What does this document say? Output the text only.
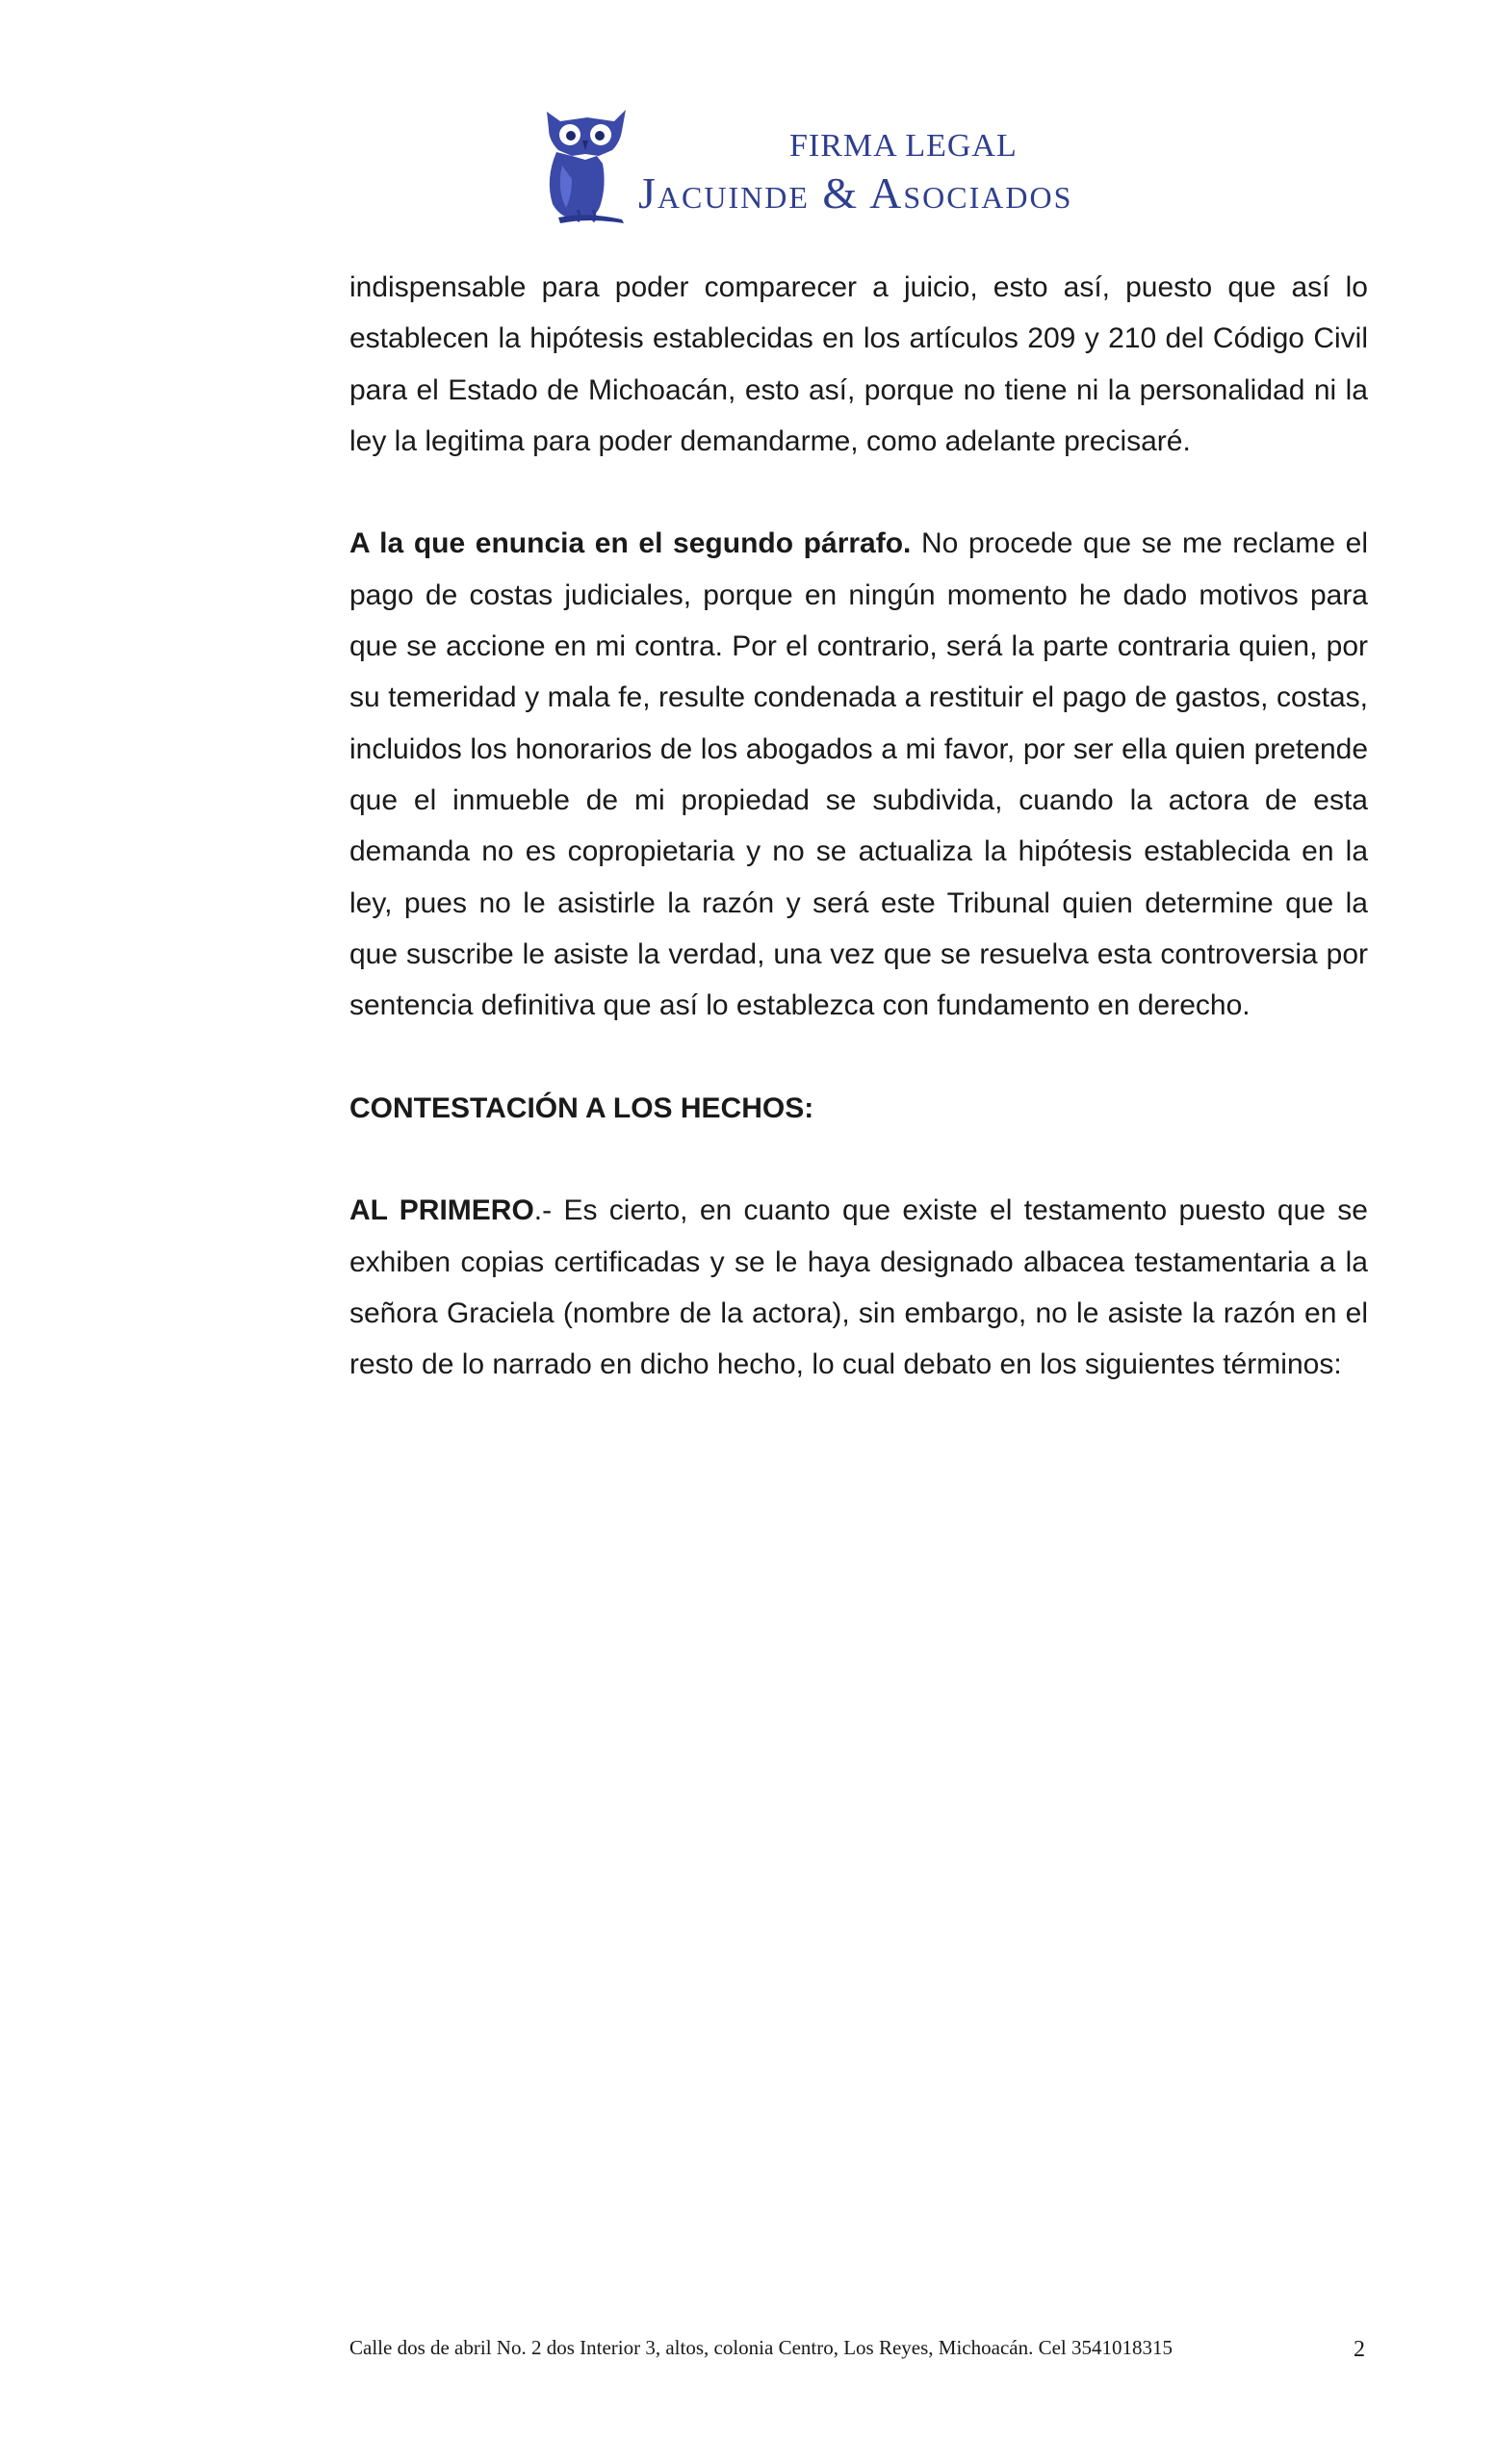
FIRMA LEGAL
Jacuinde & Asociados

indispensable para poder comparecer a juicio, esto así, puesto que así lo establecen la hipótesis establecidas en los artículos 209 y 210 del Código Civil para el Estado de Michoacán, esto así, porque no tiene ni la personalidad ni la ley la legitima para poder demandarme, como adelante precisaré.

A la que enuncia en el segundo párrafo. No procede que se me reclame el pago de costas judiciales, porque en ningún momento he dado motivos para que se accione en mi contra. Por el contrario, será la parte contraria quien, por su temeridad y mala fe, resulte condenada a restituir el pago de gastos, costas, incluidos los honorarios de los abogados a mi favor, por ser ella quien pretende que el inmueble de mi propiedad se subdivida, cuando la actora de esta demanda no es copropietaria y no se actualiza la hipótesis establecida en la ley, pues no le asistirle la razón y será este Tribunal quien determine que la que suscribe le asiste la verdad, una vez que se resuelva esta controversia por sentencia definitiva que así lo establezca con fundamento en derecho.

CONTESTACIÓN A LOS HECHOS:

AL PRIMERO.- Es cierto, en cuanto que existe el testamento puesto que se exhiben copias certificadas y se le haya designado albacea testamentaria a la señora Graciela (nombre de la actora), sin embargo, no le asiste la razón en el resto de lo narrado en dicho hecho, lo cual debato en los siguientes términos:

Calle dos de abril No. 2 dos Interior 3, altos, colonia Centro, Los Reyes, Michoacán. Cel 3541018315	2
